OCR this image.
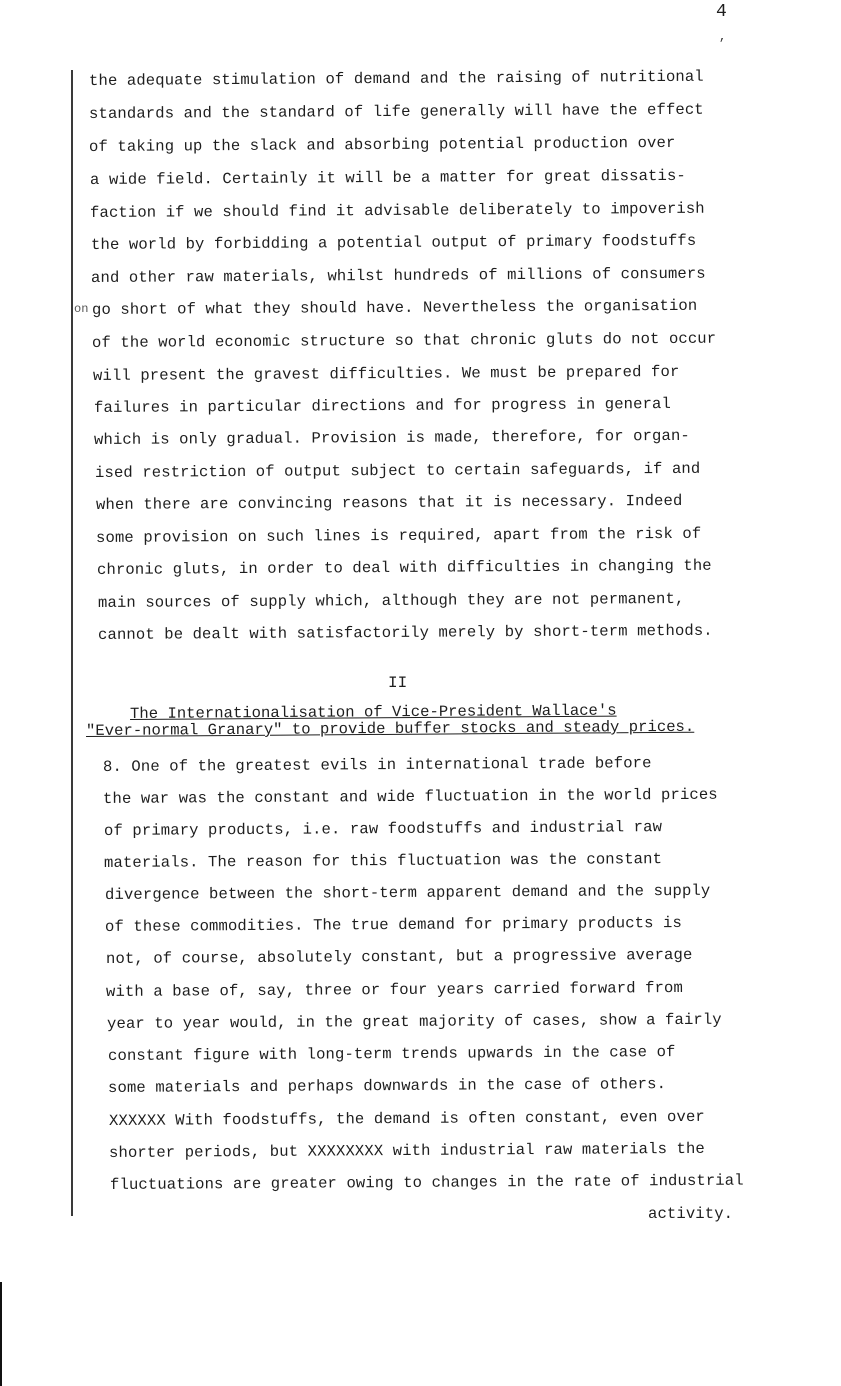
4
,
on
the adequate stimulation of demand and the raising of nutritional
standards and the standard of life generally will have the effect
of taking up the slack and absorbing potential production over
a wide field. Certainly it will be a matter for great dissatis-
faction if we should find it advisable deliberately to impoverish
the world by forbidding a potential output of primary foodstuffs
and other raw materials, whilst hundreds of millions of consumers
go short of what they should have. Nevertheless the organisation
of the world economic structure so that chronic gluts do not occur
will present the gravest difficulties. We must be prepared for
failures in particular directions and for progress in general
which is only gradual. Provision is made, therefore, for organ-
ised restriction of output subject to certain safeguards, if and
when there are convincing reasons that it is necessary. Indeed
some provision on such lines is required, apart from the risk of
chronic gluts, in order to deal with difficulties in changing the
main sources of supply which, although they are not permanent,
cannot be dealt with satisfactorily merely by short-term methods.
II
The Internationalisation of Vice-President Wallace's
"Ever-normal Granary" to provide buffer stocks and steady prices.
8. One of the greatest evils in international trade before
the war was the constant and wide fluctuation in the world prices
of primary products, i.e. raw foodstuffs and industrial raw
materials. The reason for this fluctuation was the constant
divergence between the short-term apparent demand and the supply
of these commodities. The true demand for primary products is
not, of course, absolutely constant, but a progressive average
with a base of, say, three or four years carried forward from
year to year would, in the great majority of cases, show a fairly
constant figure with long-term trends upwards in the case of
some materials and perhaps downwards in the case of others.
XXXXXX With foodstuffs, the demand is often constant, even over
shorter periods, but XXXXXXXX with industrial raw materials the
fluctuations are greater owing to changes in the rate of industrial
activity.
